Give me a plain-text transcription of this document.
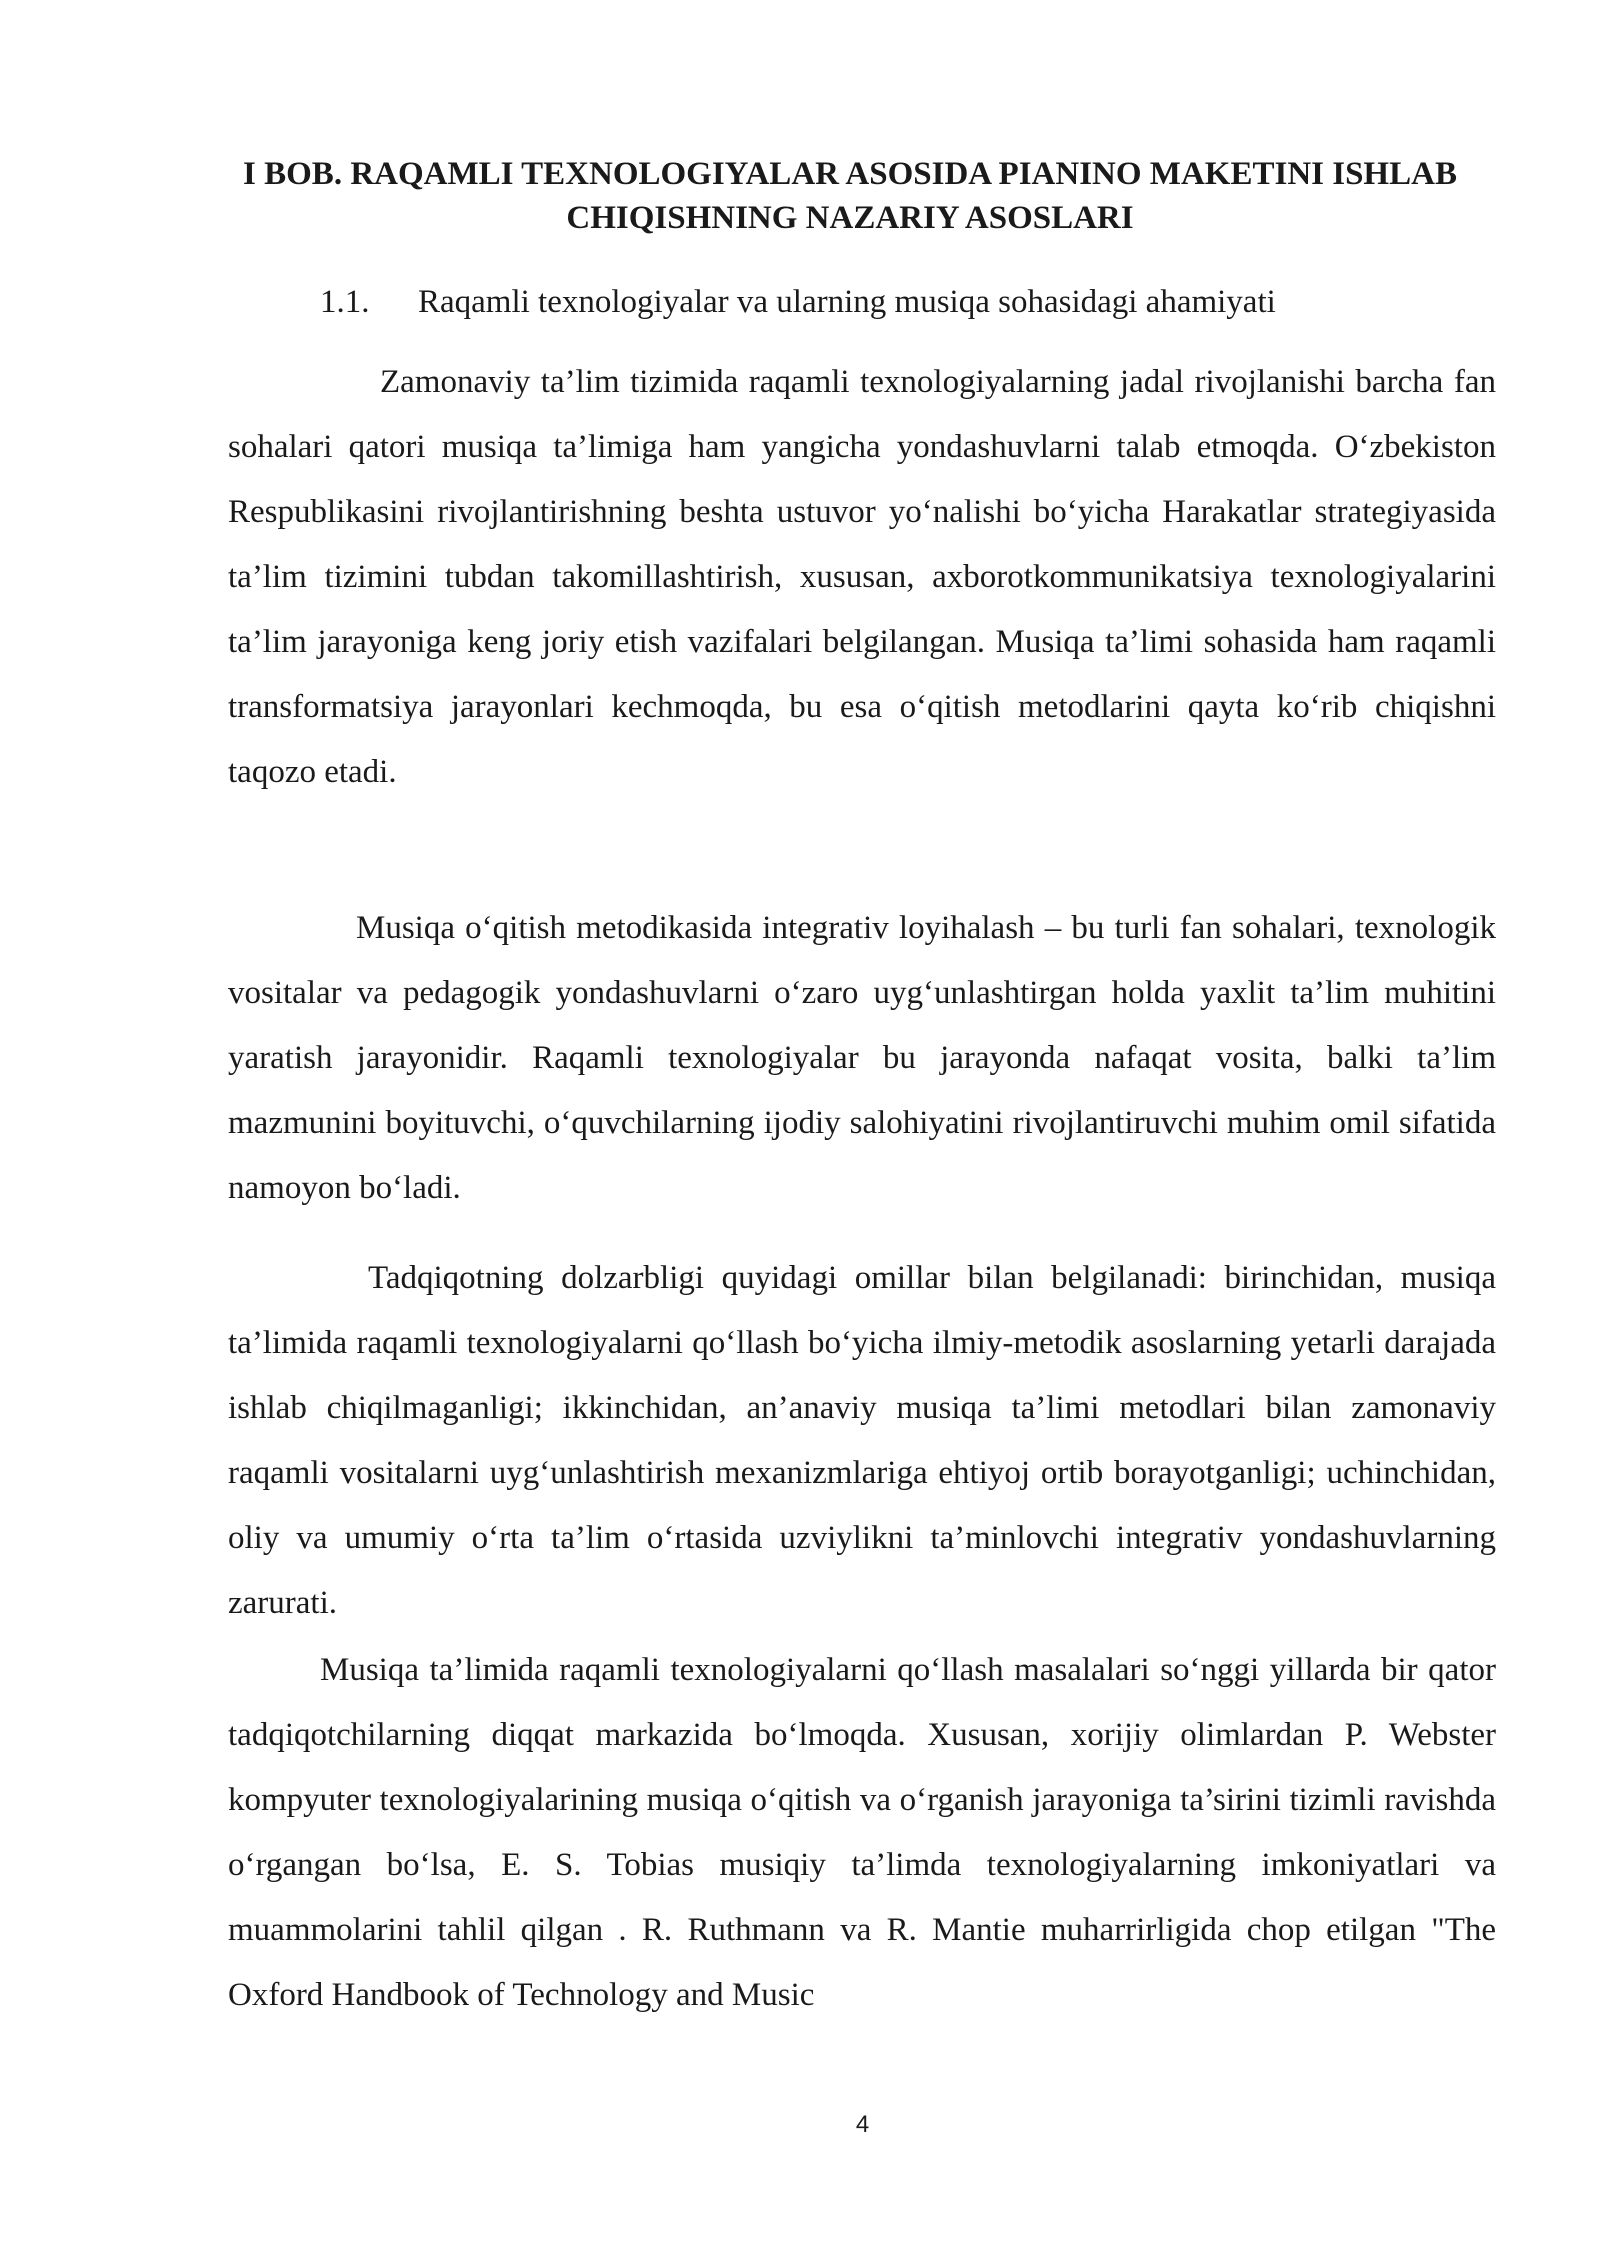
I BOB. RAQAMLI TEXNOLOGIYALAR ASOSIDA PIANINO MAKETINI ISHLAB CHIQISHNING NAZARIY ASOSLARI
1.1. Raqamli texnologiyalar va ularning musiqa sohasidagi ahamiyati

Zamonaviy ta’lim tizimida raqamli texnologiyalarning jadal rivojlanishi barcha fan sohalari qatori musiqa ta’limiga ham yangicha yondashuvlarni talab etmoqda. O‘zbekiston Respublikasini rivojlantirishning beshta ustuvor yo‘nalishi bo‘yicha Harakatlar strategiyasida ta’lim tizimini tubdan takomillashtirish, xususan, axborotkommunikatsiya texnologiyalarini ta’lim jarayoniga keng joriy etish vazifalari belgilangan. Musiqa ta’limi sohasida ham raqamli transformatsiya jarayonlari kechmoqda, bu esa o‘qitish metodlarini qayta ko‘rib chiqishni taqozo etadi.

Musiqa o‘qitish metodikasida integrativ loyihalash – bu turli fan sohalari, texnologik vositalar va pedagogik yondashuvlarni o‘zaro uyg‘unlashtirgan holda yaxlit ta’lim muhitini yaratish jarayonidir. Raqamli texnologiyalar bu jarayonda nafaqat vosita, balki ta’lim mazmunini boyituvchi, o‘quvchilarning ijodiy salohiyatini rivojlantiruvchi muhim omil sifatida namoyon bo‘ladi.

Tadqiqotning dolzarbligi quyidagi omillar bilan belgilanadi: birinchidan, musiqa ta’limida raqamli texnologiyalarni qo‘llash bo‘yicha ilmiy-metodik asoslarning yetarli darajada ishlab chiqilmaganligi; ikkinchidan, an’anaviy musiqa ta’limi metodlari bilan zamonaviy raqamli vositalarni uyg‘unlashtirish mexanizmlariga ehtiyoj ortib borayotganligi; uchinchidan, oliy va umumiy o‘rta ta’lim o‘rtasida uzviylikni ta’minlovchi integrativ yondashuvlarning zarurati.

Musiqa ta’limida raqamli texnologiyalarni qo‘llash masalalari so‘nggi yillarda bir qator tadqiqotchilarning diqqat markazida bo‘lmoqda. Xususan, xorijiy olimlardan P. Webster kompyuter texnologiyalarining musiqa o‘qitish va o‘rganish jarayoniga ta’sirini tizimli ravishda o‘rgangan bo‘lsa, E. S. Tobias musiqiy ta’limda texnologiyalarning imkoniyatlari va muammolarini tahlil qilgan . R. Ruthmann va R. Mantie muharrirligida chop etilgan "The Oxford Handbook of Technology and Music

4
